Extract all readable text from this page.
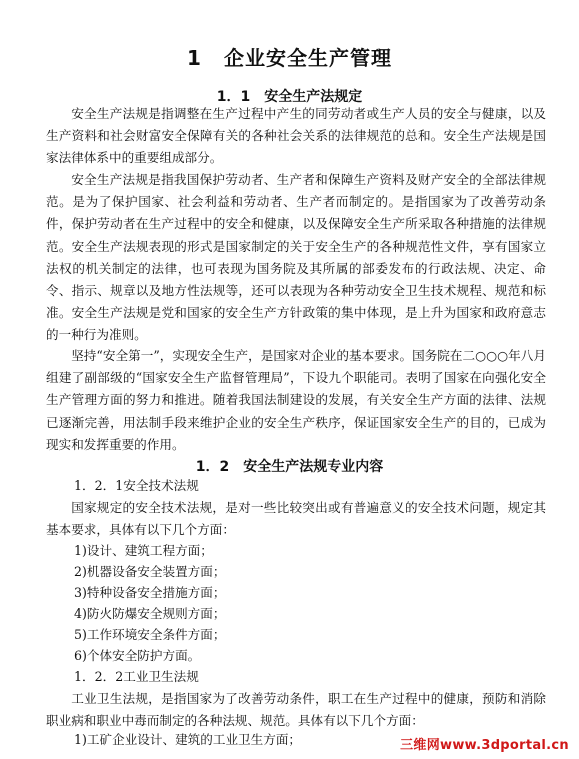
1 企业安全生产管理
1．1 安全生产法规定

安全生产法规是指调整在生产过程中产生的同劳动者或生产人员的安全与健康，以及生产资料和社会财富安全保障有关的各种社会关系的法律规范的总和。安全生产法规是国家法律体系中的重要组成部分。

安全生产法规是指我国保护劳动者、生产者和保障生产资料及财产安全的全部法律规范。是为了保护国家、社会利益和劳动者、生产者而制定的。是指国家为了改善劳动条件，保护劳动者在生产过程中的安全和健康，以及保障安全生产所采取各种措施的法律规范。安全生产法规表现的形式是国家制定的关于安全生产的各种规范性文件，享有国家立法权的机关制定的法律，也可表现为国务院及其所属的部委发布的行政法规、决定、命令、指示、规章以及地方性法规等，还可以表现为各种劳动安全卫生技术规程、规范和标准。安全生产法规是党和国家的安全生产方针政策的集中体现，是上升为国家和政府意志的一种行为准则。

坚持“安全第一”，实现安全生产，是国家对企业的基本要求。国务院在二○○○年八月组建了副部级的“国家安全生产监督管理局”，下设九个职能司。表明了国家在向强化安全生产管理方面的努力和推进。随着我国法制建设的发展，有关安全生产方面的法律、法规已逐渐完善，用法制手段来维护企业的安全生产秩序，保证国家安全生产的目的，已成为现实和发挥重要的作用。

1．2 安全生产法规专业内容
1．2．1安全技术法规

国家规定的安全技术法规，是对一些比较突出或有普遍意义的安全技术问题，规定其基本要求，具体有以下几个方面：

1)设计、建筑工程方面；
2)机器设备安全装置方面；
3)特种设备安全措施方面；
4)防火防爆安全规则方面；
5)工作环境安全条件方面；
6)个体安全防护方面。
1．2．2工业卫生法规

工业卫生法规，是指国家为了改善劳动条件，职工在生产过程中的健康，预防和消除职业病和职业中毒而制定的各种法规、规范。具体有以下几个方面：

1)工矿企业设计、建筑的工业卫生方面；	三维网www.3dportal.cn
